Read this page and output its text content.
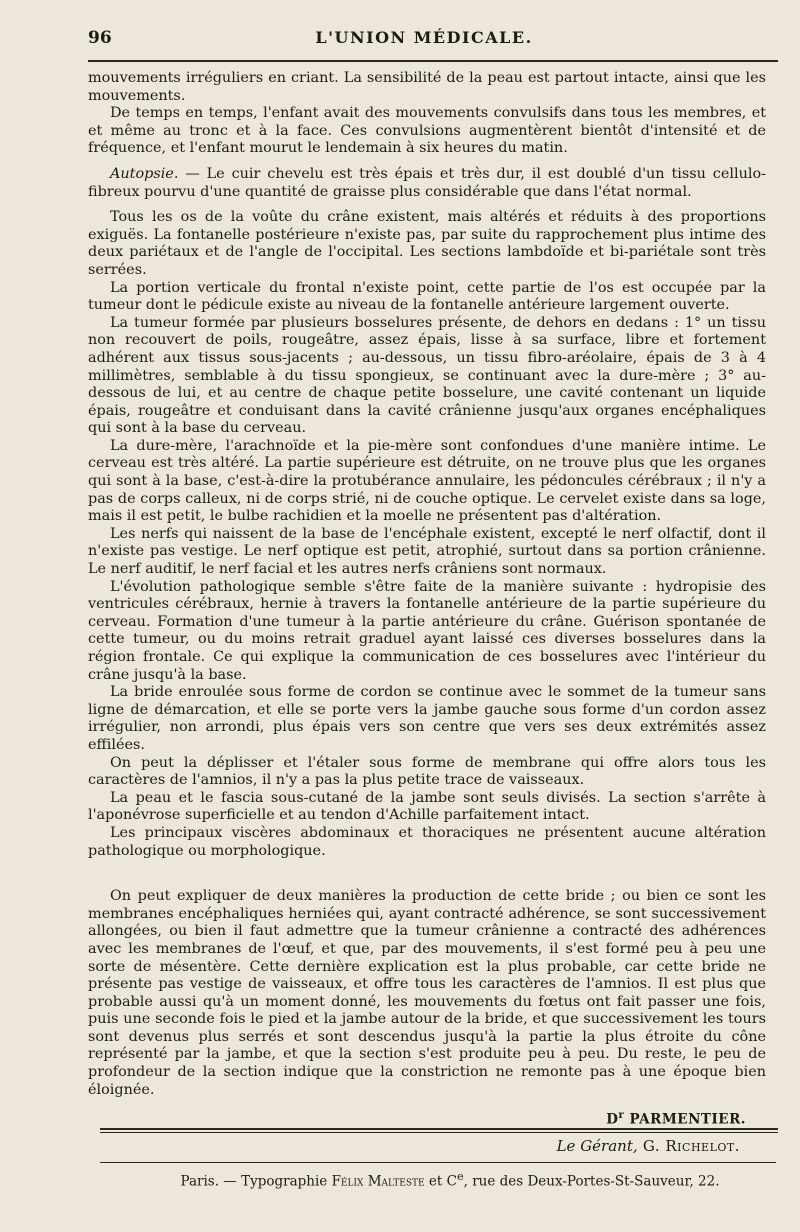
96	L'UNION MÉDICALE.

mouvements irréguliers en criant. La sensibilité de la peau est partout intacte, ainsi que les mouvements.

De temps en temps, l'enfant avait des mouvements convulsifs dans tous les membres, et et même au tronc et à la face. Ces convulsions augmentèrent bientôt d'intensité et de fréquence, et l'enfant mourut le lendemain à six heures du matin.

Autopsie. — Le cuir chevelu est très épais et très dur, il est doublé d'un tissu cellulo-fibreux pourvu d'une quantité de graisse plus considérable que dans l'état normal.

Tous les os de la voûte du crâne existent, mais altérés et réduits à des proportions exiguës. La fontanelle postérieure n'existe pas, par suite du rapprochement plus intime des deux pariétaux et de l'angle de l'occipital. Les sections lambdoïde et bi-pariétale sont très serrées.

La portion verticale du frontal n'existe point, cette partie de l'os est occupée par la tumeur dont le pédicule existe au niveau de la fontanelle antérieure largement ouverte.

La tumeur formée par plusieurs bosselures présente, de dehors en dedans : 1° un tissu non recouvert de poils, rougeâtre, assez épais, lisse à sa surface, libre et fortement adhérent aux tissus sous-jacents ; au-dessous, un tissu fibro-aréolaire, épais de 3 à 4 millimètres, semblable à du tissu spongieux, se continuant avec la dure-mère ; 3° au-dessous de lui, et au centre de chaque petite bosselure, une cavité contenant un liquide épais, rougeâtre et conduisant dans la cavité crânienne jusqu'aux organes encéphaliques qui sont à la base du cerveau.

La dure-mère, l'arachnoïde et la pie-mère sont confondues d'une manière intime. Le cerveau est très altéré. La partie supérieure est détruite, on ne trouve plus que les organes qui sont à la base, c'est-à-dire la protubérance annulaire, les pédoncules cérébraux ; il n'y a pas de corps calleux, ni de corps strié, ni de couche optique. Le cervelet existe dans sa loge, mais il est petit, le bulbe rachidien et la moelle ne présentent pas d'altération.

Les nerfs qui naissent de la base de l'encéphale existent, excepté le nerf olfactif, dont il n'existe pas vestige. Le nerf optique est petit, atrophié, surtout dans sa portion crânienne. Le nerf auditif, le nerf facial et les autres nerfs crâniens sont normaux.

L'évolution pathologique semble s'être faite de la manière suivante : hydropisie des ventricules cérébraux, hernie à travers la fontanelle antérieure de la partie supérieure du cerveau. Formation d'une tumeur à la partie antérieure du crâne. Guérison spontanée de cette tumeur, ou du moins retrait graduel ayant laissé ces diverses bosselures dans la région frontale. Ce qui explique la communication de ces bosselures avec l'intérieur du crâne jusqu'à la base.

La bride enroulée sous forme de cordon se continue avec le sommet de la tumeur sans ligne de démarcation, et elle se porte vers la jambe gauche sous forme d'un cordon assez irrégulier, non arrondi, plus épais vers son centre que vers ses deux extrémités assez effilées.

On peut la déplisser et l'étaler sous forme de membrane qui offre alors tous les caractères de l'amnios, il n'y a pas la plus petite trace de vaisseaux.

La peau et le fascia sous-cutané de la jambe sont seuls divisés. La section s'arrête à l'aponévrose superficielle et au tendon d'Achille parfaitement intact.

Les principaux viscères abdominaux et thoraciques ne présentent aucune altération pathologique ou morphologique.

On peut expliquer de deux manières la production de cette bride ; ou bien ce sont les membranes encéphaliques herniées qui, ayant contracté adhérence, se sont successivement allongées, ou bien il faut admettre que la tumeur crânienne a contracté des adhérences avec les membranes de l'œuf, et que, par des mouvements, il s'est formé peu à peu une sorte de mésentère. Cette dernière explication est la plus probable, car cette bride ne présente pas vestige de vaisseaux, et offre tous les caractères de l'amnios. Il est plus que probable aussi qu'à un moment donné, les mouvements du fœtus ont fait passer une fois, puis une seconde fois le pied et la jambe autour de la bride, et que successivement les tours sont devenus plus serrés et sont descendus jusqu'à la partie la plus étroite du cône représenté par la jambe, et que la section s'est produite peu à peu. Du reste, le peu de profondeur de la section indique que la constriction ne remonte pas à une époque bien éloignée.

$D^r$ PARMENTIER.
Le Gérant, G. Richelot.
Paris. — Typographie Félix Malteste et Ce, rue des Deux-Portes-St-Sauveur, 22.
